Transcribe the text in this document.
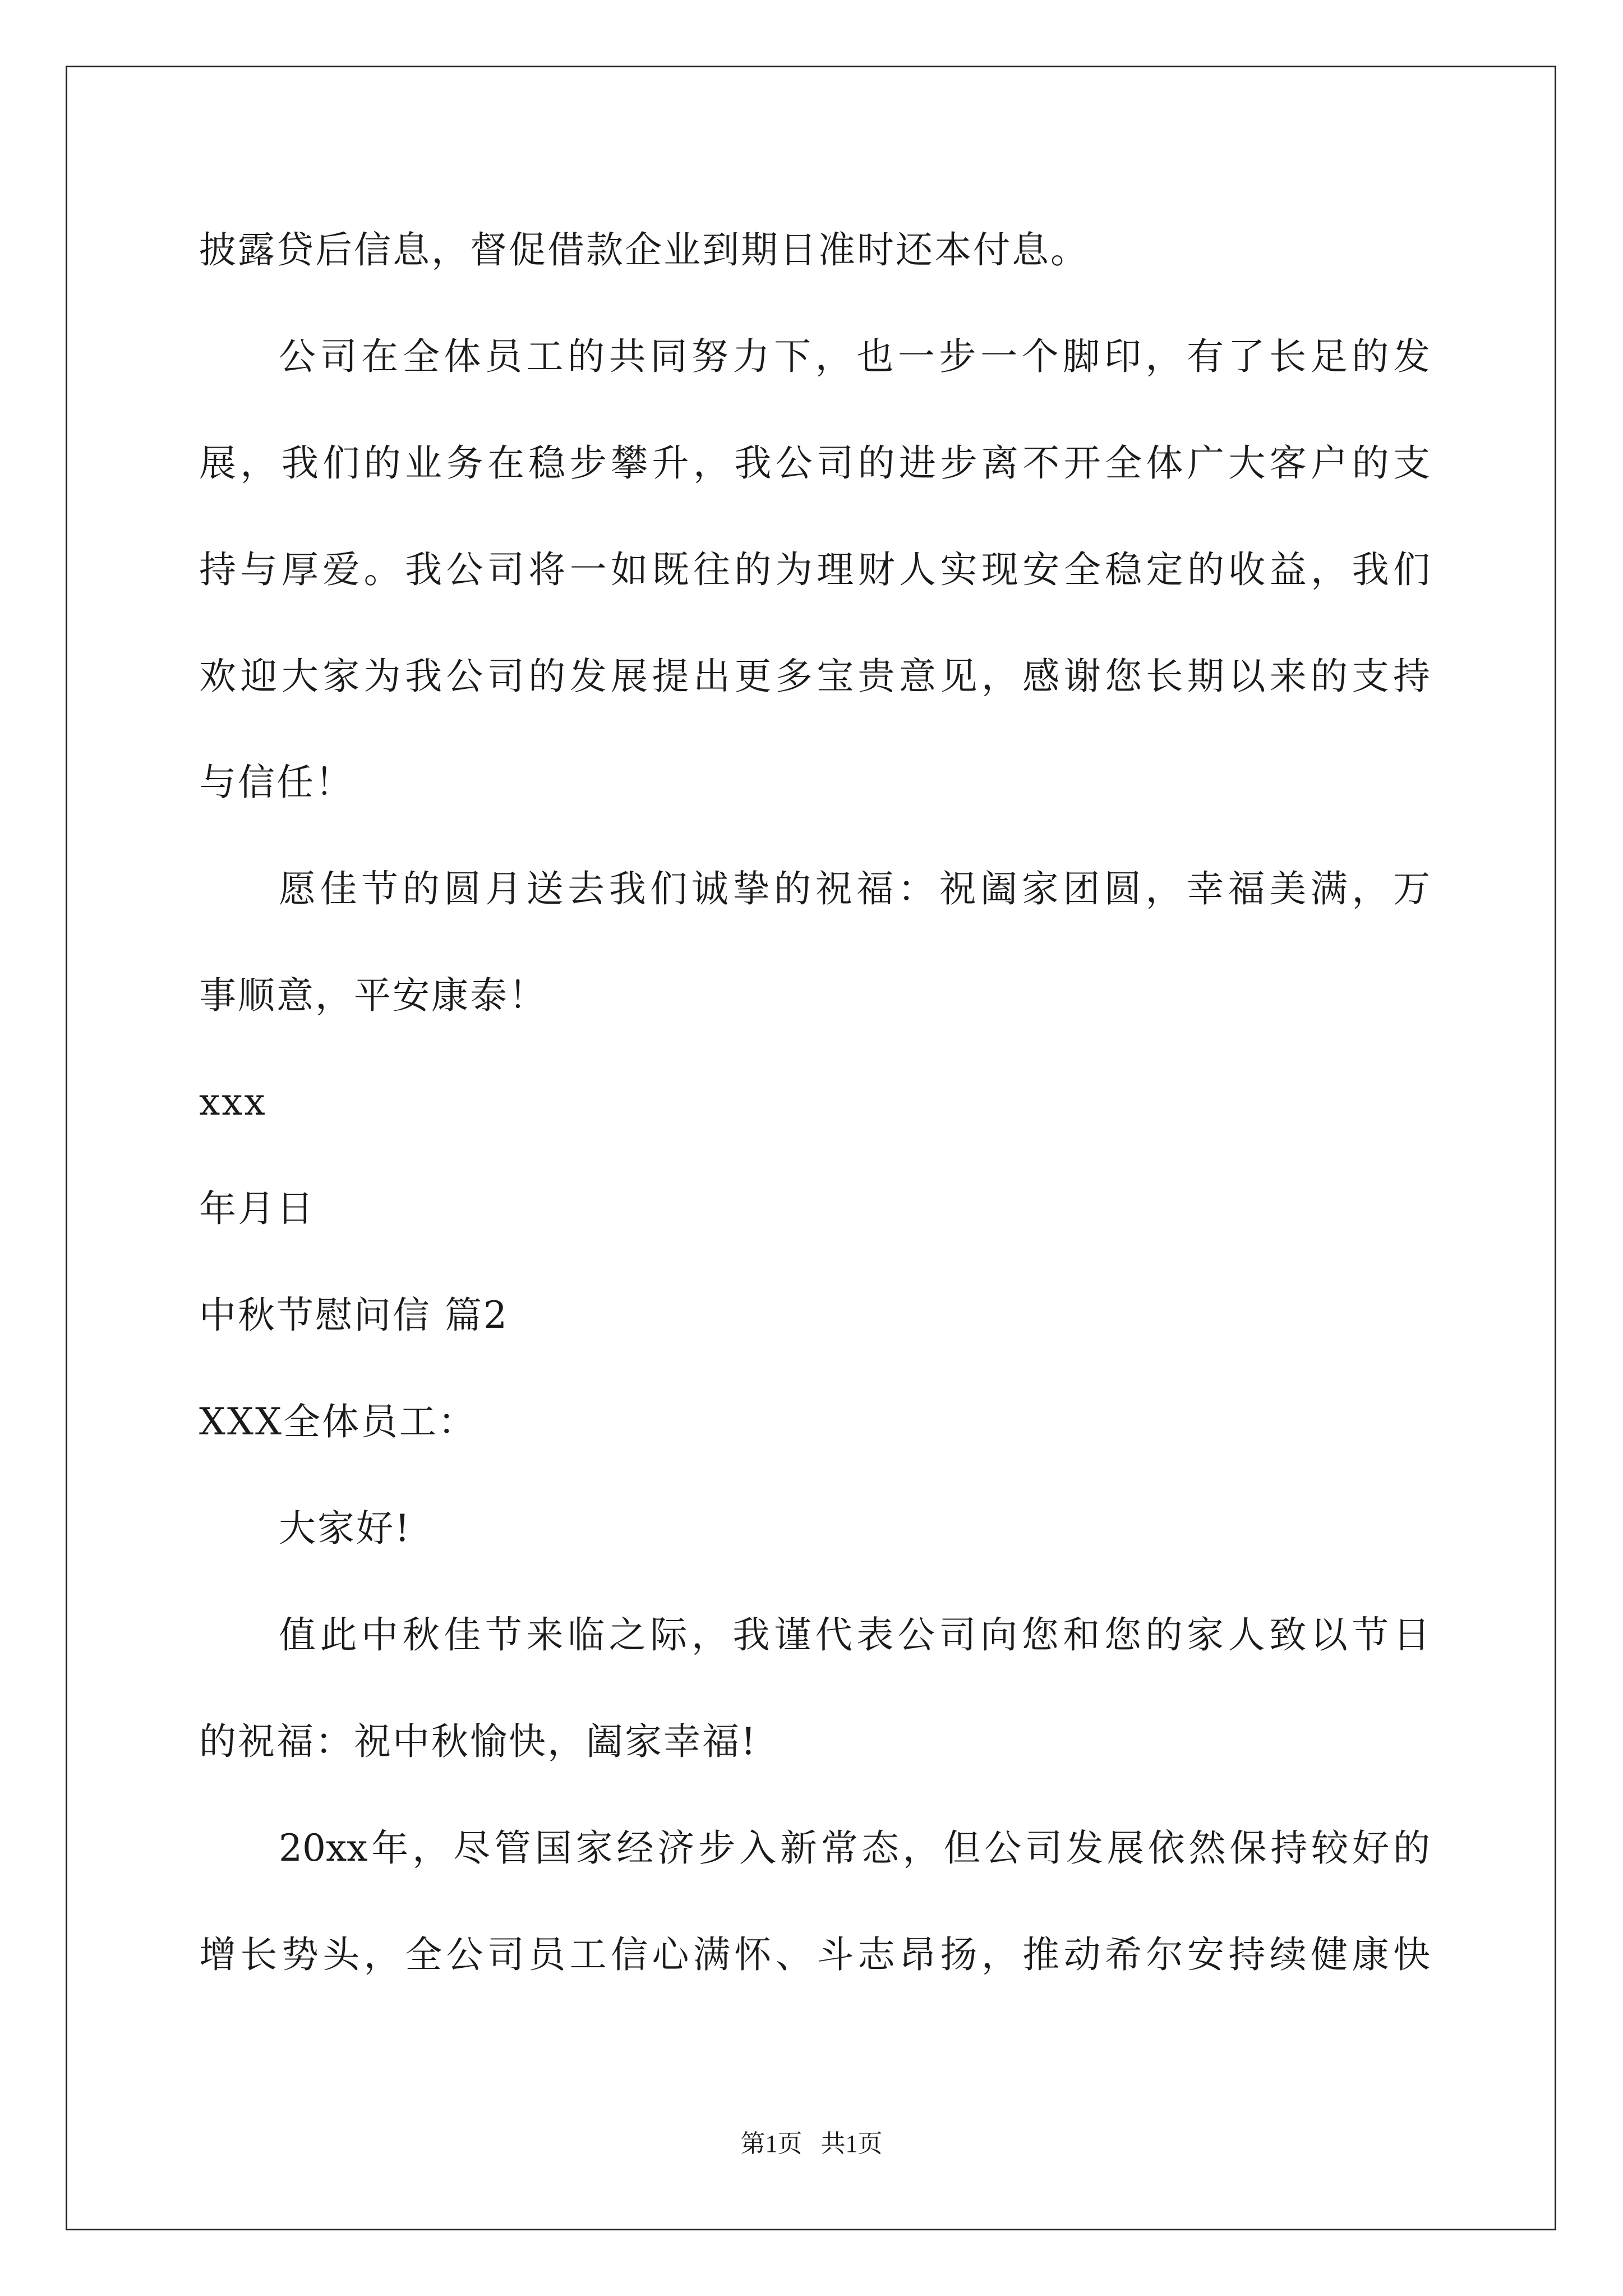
披露贷后信息，督促借款企业到期日准时还本付息。
公司在全体员工的共同努力下，也一步一个脚印，有了长足的发
展，我们的业务在稳步攀升，我公司的进步离不开全体广大客户的支
持与厚爱。我公司将一如既往的为理财人实现安全稳定的收益，我们
欢迎大家为我公司的发展提出更多宝贵意见，感谢您长期以来的支持
与信任！
愿佳节的圆月送去我们诚挚的祝福：祝阖家团圆，幸福美满，万
事顺意，平安康泰！
xxx
年月日
中秋节慰问信 篇2
XXX全体员工：
大家好!
值此中秋佳节来临之际，我谨代表公司向您和您的家人致以节日
的祝福：祝中秋愉快，阖家幸福!
20xx年，尽管国家经济步入新常态，但公司发展依然保持较好的
增长势头，全公司员工信心满怀、斗志昂扬，推动希尔安持续健康快
第1页   共1页
